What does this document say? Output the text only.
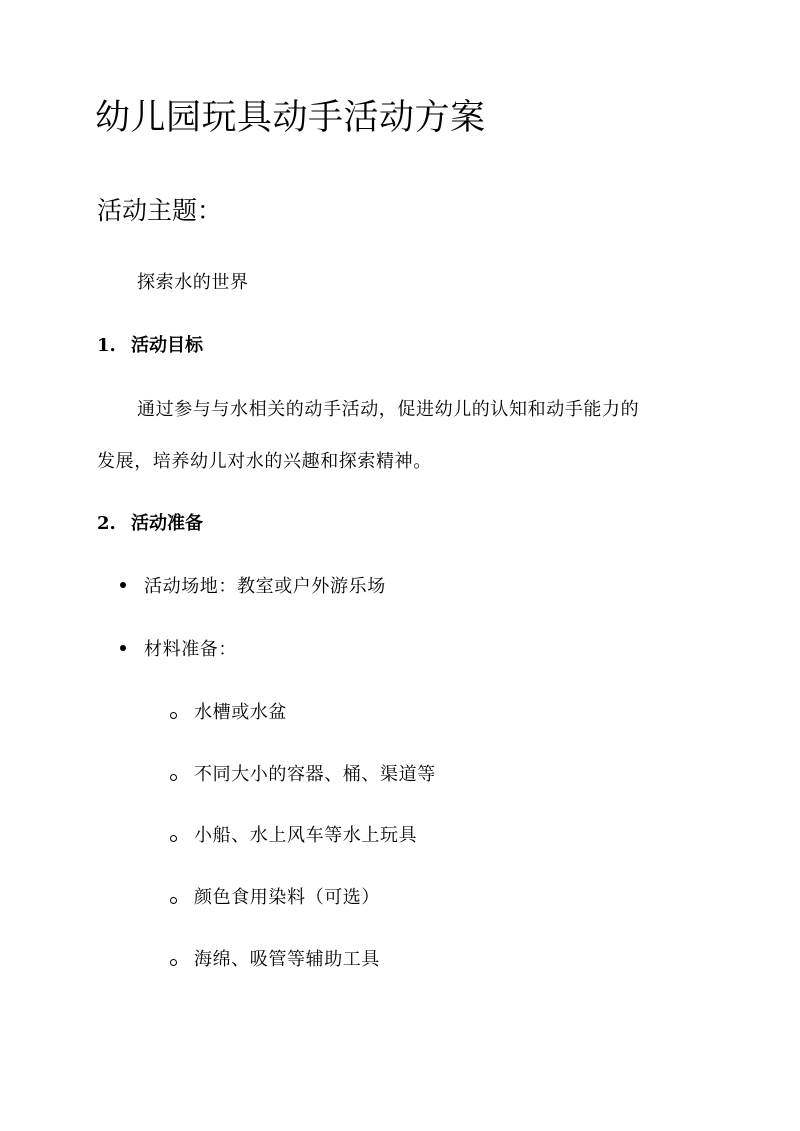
幼儿园玩具动手活动方案
活动主题：

探索水的世界

1. 活动目标

通过参与与水相关的动手活动，促进幼儿的认知和动手能力的

发展，培养幼儿对水的兴趣和探索精神。

2. 活动准备
活动场地：教室或户外游乐场
材料准备：
水槽或水盆
不同大小的容器、桶、渠道等
小船、水上风车等水上玩具
颜色食用染料（可选）
海绵、吸管等辅助工具
